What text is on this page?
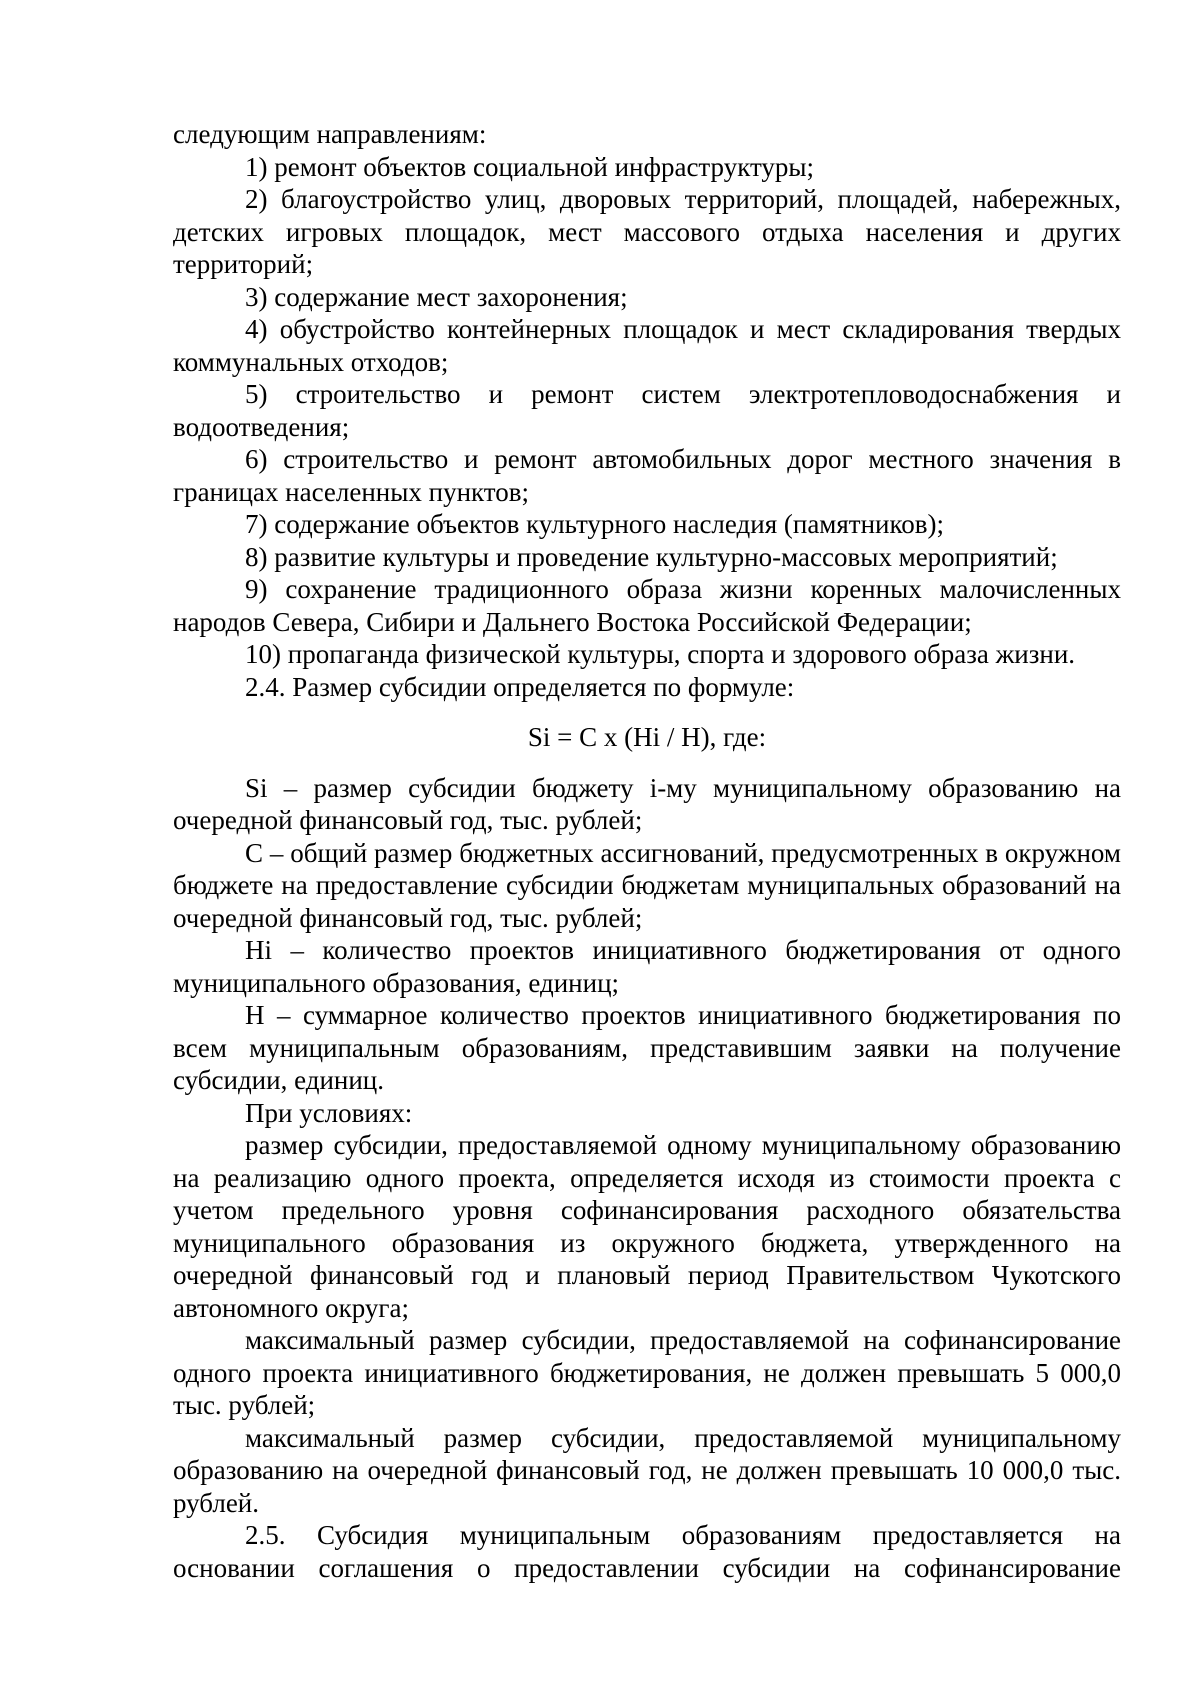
следующим направлениям:

1) ремонт объектов социальной инфраструктуры;

2) благоустройство улиц, дворовых территорий, площадей, набережных, детских игровых площадок, мест массового отдыха населения и других территорий;

3) содержание мест захоронения;

4) обустройство контейнерных площадок и мест складирования твердых коммунальных отходов;

5) строительство и ремонт систем электротепловодоснабжения и водоотведения;

6) строительство и ремонт автомобильных дорог местного значения в границах населенных пунктов;

7) содержание объектов культурного наследия (памятников);

8) развитие культуры и проведение культурно-массовых мероприятий;

9) сохранение традиционного образа жизни коренных малочисленных народов Севера, Сибири и Дальнего Востока Российской Федерации;

10) пропаганда физической культуры, спорта и здорового образа жизни.

2.4. Размер субсидии определяется по формуле:

Si = C x (Hi / H), где:

Si – размер субсидии бюджету i-му муниципальному образованию на очередной финансовый год, тыс. рублей;

C – общий размер бюджетных ассигнований, предусмотренных в окружном бюджете на предоставление субсидии бюджетам муниципальных образований на очередной финансовый год, тыс. рублей;

Hi – количество проектов инициативного бюджетирования от одного муниципального образования, единиц;

H – суммарное количество проектов инициативного бюджетирования по всем муниципальным образованиям, представившим заявки на получение субсидии, единиц.

При условиях:

размер субсидии, предоставляемой одному муниципальному образованию на реализацию одного проекта, определяется исходя из стоимости проекта с учетом предельного уровня софинансирования расходного обязательства муниципального образования из окружного бюджета, утвержденного на очередной финансовый год и плановый период Правительством Чукотского автономного округа;

максимальный размер субсидии, предоставляемой на софинансирование одного проекта инициативного бюджетирования, не должен превышать 5 000,0 тыс. рублей;

максимальный размер субсидии, предоставляемой муниципальному образованию на очередной финансовый год, не должен превышать 10 000,0 тыс. рублей.

2.5. Субсидия муниципальным образованиям предоставляется на основании соглашения о предоставлении субсидии на софинансирование
